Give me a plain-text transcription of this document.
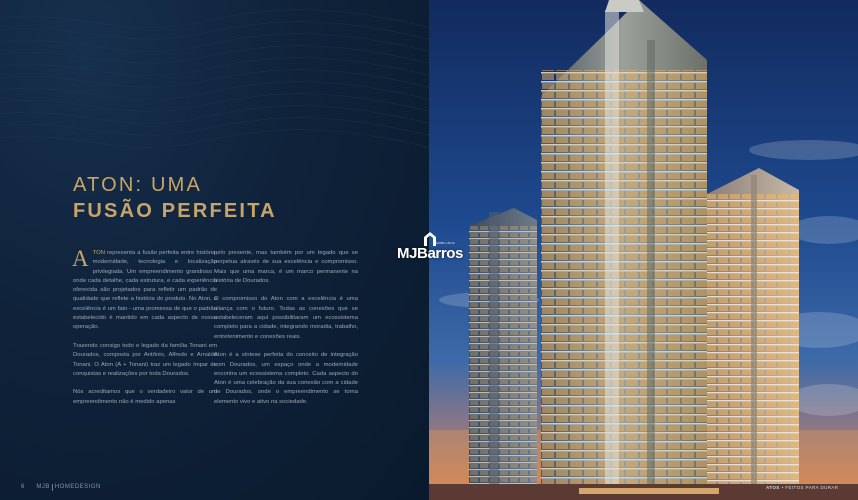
ATON: UMA
FUSÃO PERFEITA

ATON representa a fusão perfeita entre história, modernidade, tecnologia e localização privilegiada. Um empreendimento grandioso - onde cada detalhe, cada estrutura, e cada experiência oferecida são projetados para refletir um padrão de qualidade que reflete a história do produto. No Aton, a excelência é um fato - uma promessa de que o padrão estabelecido é mantido em cada aspecto de nossa operação.

Trazendo consigo todo o legado da família Tonani em Dourados, composta por Antônio, Alfredo e Arnaldo Tonani. O Aton (A + Tonani) traz um legado ímpar de conquistas e realizações por toda Dourados.

Nós acreditamos que o verdadeiro valor de um empreendimento não é medido apenas

pelo presente, mas também por um legado que se perpetua através de sua excelência e compromisso. Mais que uma marca, é um marco permanente na história de Dourados.

O compromisso do Aton com a excelência é uma aliança com o futuro. Todas as conexões que se estabeleceram aqui possibilitaram um ecossistema completo para a cidade, integrando moradia, trabalho, entretenimento e conexões reais.

Aton é a síntese perfeita do conceito de integração com Dourados, um espaço onde a modernidade encontra um ecossistema completo. Cada aspecto do Aton é uma celebração da sua conexão com a cidade de Dourados, onde o empreendimento se torna elemento vivo e ativo na sociedade.

6 MJB HOMEDESIGN
MJBarros
IMOBILIÁRIA
ATOS • FEITOS PARA DURAR
